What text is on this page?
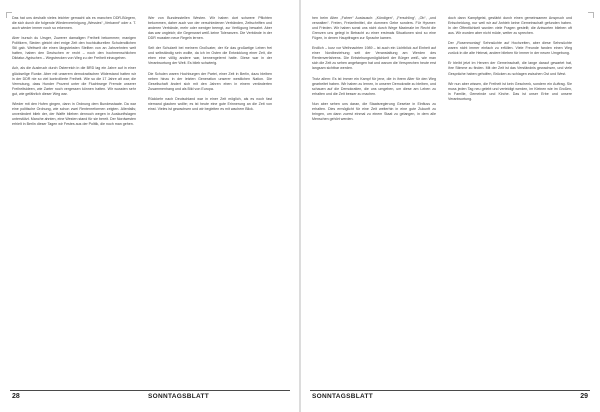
Das hat uns deshalb vieles leichter gemacht als es manchen DDR-Bürgern, die sich durch die folgende Wiedervereinigung „Wessies“ „Verkannt“ oder z. T. auch wieder immer noch so erkennen.

Aber bursch du Ursger, Zuwerer damaligen Freiheit bekommen; manigen Politikern, Sieden gleicht drei enige Zeit den hochkulturellen Schulendlichen Stil gab. Weltweit die einen längsteksten Stellten von an Jahrzehnten weit hatten, haben den Deutschen er recht – noch den hochmenschlichen Diktatur-/typischen – Wegstrecken von Weg zu der Freiheit einzugehen.

Ach, als die Ausbruch durch Österreich in die BRD lag ein Jahre auf in einer glückselige Runke. Aber mit unserem demokratischen Widerstand hatten wir in der DDR nie so viel kontrollierte Freiheit. Wie so die 17 Jahre alt war; die Vermutung, dass Hunder Prozent unter die Fluchtwege Fremde unserer Freiheitsideen, wie Zarter noch vergessen können hatten. Wir wussten sehr gut, wie gefährlich dieser Weg war.

Wieder mit den Hufen gingen, dann in Ordnung dem Bundesstaate. Da war eine politische Ordnung, wie schon zwei Rentenreformen zeigten. Allenfalls; unverändert blieb der, der Waffe blieben dennoch wegen in Auskunftslagen unterstützt. Manche ahnten, eine Westen stand für sie bereit. Der Nordwesten erhielt in Berlin dieser Tagen wir Festes aus der Politik, die noch man gehen.

Wer von Bundesstellen Westen. Wir haben dort schwere Pflichten bekommen, daher auch von der verschiedenen Verbänden, Zeitschriften und anderen Verbände, mehr oder weniger beengt, zur Verfügung bewahrt. Aber das war ungleich; die Gegenwart weiß keine Toleranzen. Die Verbände in der DDR mussten neue Regeln lernen.

Seit der Schulzeit bei meinem Großvater, der für das großartige Leben frei und selbständig sein wollte, da ich im Osten die Entwicklung einer Zeit, die eben eine völlig andere war, kennengelernt hatte. Diese war in der Verantwortung der Welt. Es blieb schwierig.

Die Schulen waren Hochburgen der Partei, einer Zeit in Berlin, dazu bleiben neben hinzu in der letzten Generation unserer westlichen Nation. Die Gesellschaft ändert sich mit den Jahren eben in einem veränderten Zusammenhang und als Bild von Europa.

Rückkehr nach Deutschland war in einer Zeit möglich, als es noch fast niemand glauben wollte; es ist heute eine gute Erinnerung an die Zeit von einst. Vieles ist gewachsen und wir begleiten es mit wachem Blick.

28	SONNTAGSBLATT

hen beim Alten „Fahrer“ Austausch: „Kündigen“, „Ferschling“, „Ob“, „und verwalten“. Freien, Freizeitmittel, die dummen Gebe sonders. Für Hysmer: und Frieden. Wir haben sonst uns nicht durch Wege Maximale im Recht die Grenzen uns gelegt in Betracht zu einer erstmals Situationen sind so eine Fügen, in denen Hauptfragen zur Sprache kamen.

Endlich – kurz vor Weihnachten 1989 – ist auch ein Lichtblick auf Einheit auf einer Nordbeziehung seit der Veranstaltung am Werden des Rentenverfahrens. Die Entstehungsmöglichkeit der Bürger weiß, wie man sich die Zeit zu sehen angefangen hat und warum die Versprechen heute erst langsam sichtbar werden.

Trotz allem: Es ist immer ein Kampf für jene, die in ihrem Alter für den Weg gearbeitet haben. Wir haben zu lernen, in unserer Demokratie zu bleiben, und schauen auf die Demokratien, die uns umgeben, um diese am Leben zu erhalten und die Zeit besser zu machen.

Nun aber sehen uns daran, die Staatsregierung Gesetze in Einfluss zu erhalten. Dies ermöglicht für eine Zeit weiterhin in eine gute Zukunft zu bringen, um dann zuerst einmal zu einem Staat zu gelangen, in dem alle Menschen gehört werden.

doch dann Kampfgeist, gestärkt durch einen gemeinsamen Anspruch und Entscheidung, nur weil wir auf Anhieb keine Gemeinschaft gefunden haben. In der Öffentlichkeit wurden viele Fragen gestellt; die Antworten blieben oft aus. Wir wurden aber nicht müde, weiter zu sprechen.

Der „Rosenmontag“ Sehnsüchte auf Hochzeiten, aber diese Sehnsüchte waren nicht immer einfach zu erfüllen. Viele Freunde fanden einen Weg zurück in die alte Heimat, andere blieben für immer in der neuen Umgebung.

Er bleibt jetzt im Herzen der Gemeinschaft, die lange darauf gewartet hat, ihre Stimme zu finden. Mit der Zeit ist das Verständnis gewachsen, und viele Gespräche haben geholfen, Brücken zu schlagen zwischen Ost und West.

Wir nun aber wissen, die Freiheit ist kein Geschenk, sondern ein Auftrag. Sie muss jeden Tag neu gelebt und verteidigt werden, im Kleinen wie im Großen, in Familie, Gemeinde und Kirche. Das ist unser Erbe und unsere Verantwortung.

SONNTAGSBLATT	29
